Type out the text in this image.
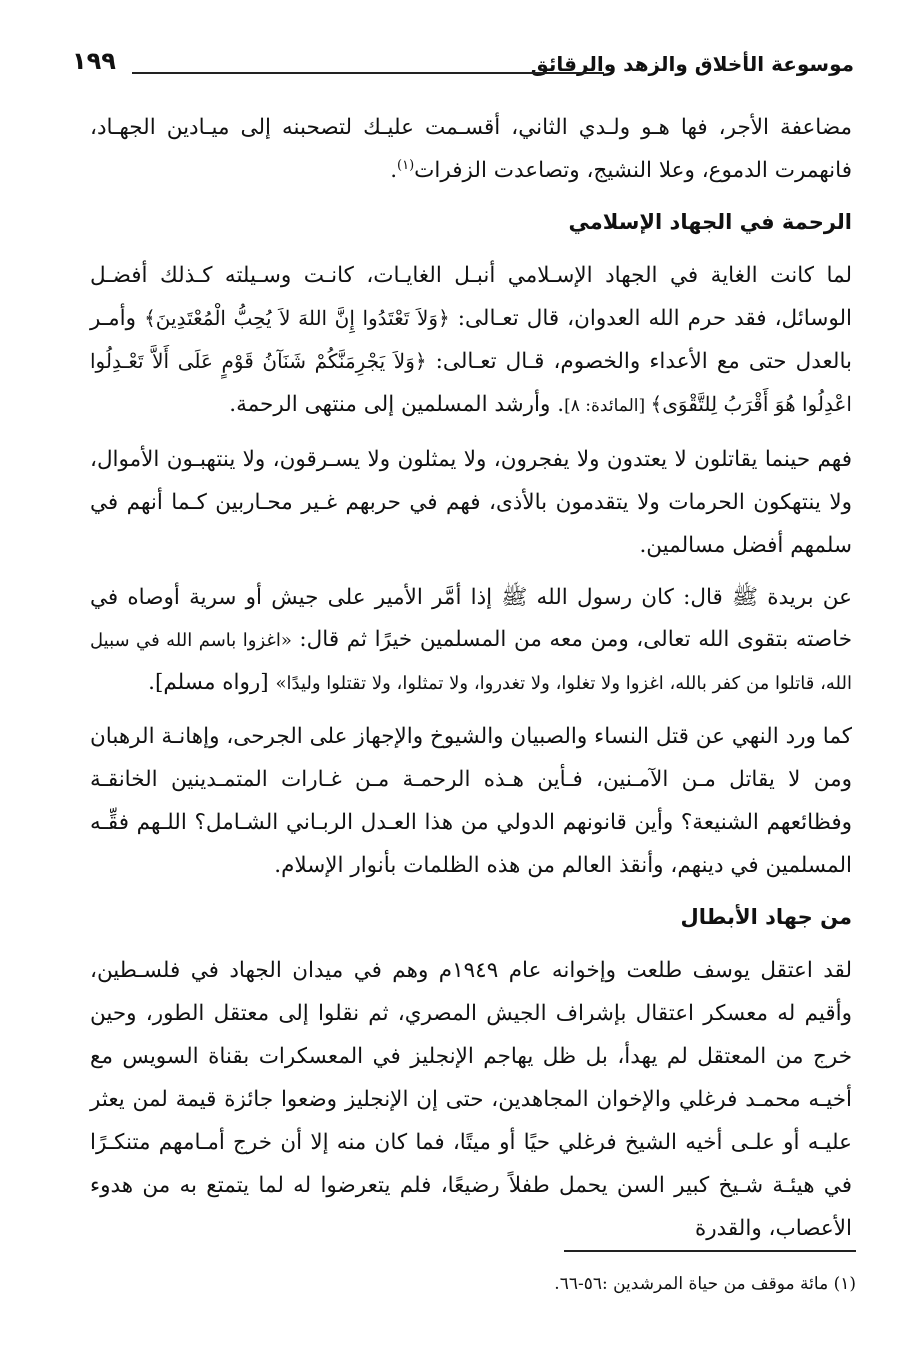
موسوعة الأخلاق والزهد والرقائق
١٩٩

مضاعفة الأجر، فها هـو ولـدي الثاني، أقسـمت عليـك لتصحبنه إلى ميـادين الجهـاد، فانهمرت الدموع، وعلا النشيج، وتصاعدت الزفرات$^{(١)}$.

الرحمة في الجهاد الإسلامي

لما كانت الغاية في الجهاد الإسـلامي أنبـل الغايـات، كانـت وسـيلته كـذلك أفضـل الوسائل، فقد حرم الله العدوان، قال تعـالى: ﴿وَلاَ تَعْتَدُوا إِنَّ اللهَ لاَ يُحِبُّ الْمُعْتَدِينَ﴾ وأمـر بالعدل حتى مع الأعداء والخصوم، قـال تعـالى: ﴿وَلاَ يَجْرِمَنَّكُمْ شَنَآنُ قَوْمٍ عَلَى أَلاَّ تَعْـدِلُوا اعْدِلُوا هُوَ أَقْرَبُ لِلتَّقْوَى﴾ [المائدة: ٨]. وأرشد المسلمين إلى منتهى الرحمة.

فهم حينما يقاتلون لا يعتدون ولا يفجرون، ولا يمثلون ولا يسـرقون، ولا ينتهبـون الأموال، ولا ينتهكون الحرمات ولا يتقدمون بالأذى، فهم في حربهم غـير محـاربين كـما أنهم في سلمهم أفضل مسالمين.

عن بريدة ﷺ قال: كان رسول الله ﷺ إذا أمَّر الأمير على جيش أو سرية أوصاه في خاصته بتقوى الله تعالى، ومن معه من المسلمين خيرًا ثم قال: «اغزوا باسم الله في سبيل الله، قاتلوا من كفر بالله، اغزوا ولا تغلوا، ولا تغدروا، ولا تمثلوا، ولا تقتلوا وليدًا» [رواه مسلم].

كما ورد النهي عن قتل النساء والصبيان والشيوخ والإجهاز على الجرحى، وإهانـة الرهبان ومن لا يقاتل مـن الآمـنين، فـأين هـذه الرحمـة مـن غـارات المتمـدينين الخانقـة وفظائعهم الشنيعة؟ وأين قانونهم الدولي من هذا العـدل الربـاني الشـامل؟ اللـهم فقِّـه المسلمين في دينهم، وأنقذ العالم من هذه الظلمات بأنوار الإسلام.

من جهاد الأبطال

لقد اعتقل يوسف طلعت وإخوانه عام ١٩٤٩م وهم في ميدان الجهاد في فلسـطين، وأقيم له معسكر اعتقال بإشراف الجيش المصري، ثم نقلوا إلى معتقل الطور، وحين خرج من المعتقل لم يهدأ، بل ظل يهاجم الإنجليز في المعسكرات بقناة السويس مع أخيـه محمـد فرغلي والإخوان المجاهدين، حتى إن الإنجليز وضعوا جائزة قيمة لمن يعثر عليـه أو علـى أخيه الشيخ فرغلي حيًا أو ميتًا، فما كان منه إلا أن خرج أمـامهم متنكـرًا في هيئـة شـيخ كبير السن يحمل طفلاً رضيعًا، فلم يتعرضوا له لما يتمتع به من هدوء الأعصاب، والقدرة

(١) مائة موقف من حياة المرشدين :٥٦-٦٦.
